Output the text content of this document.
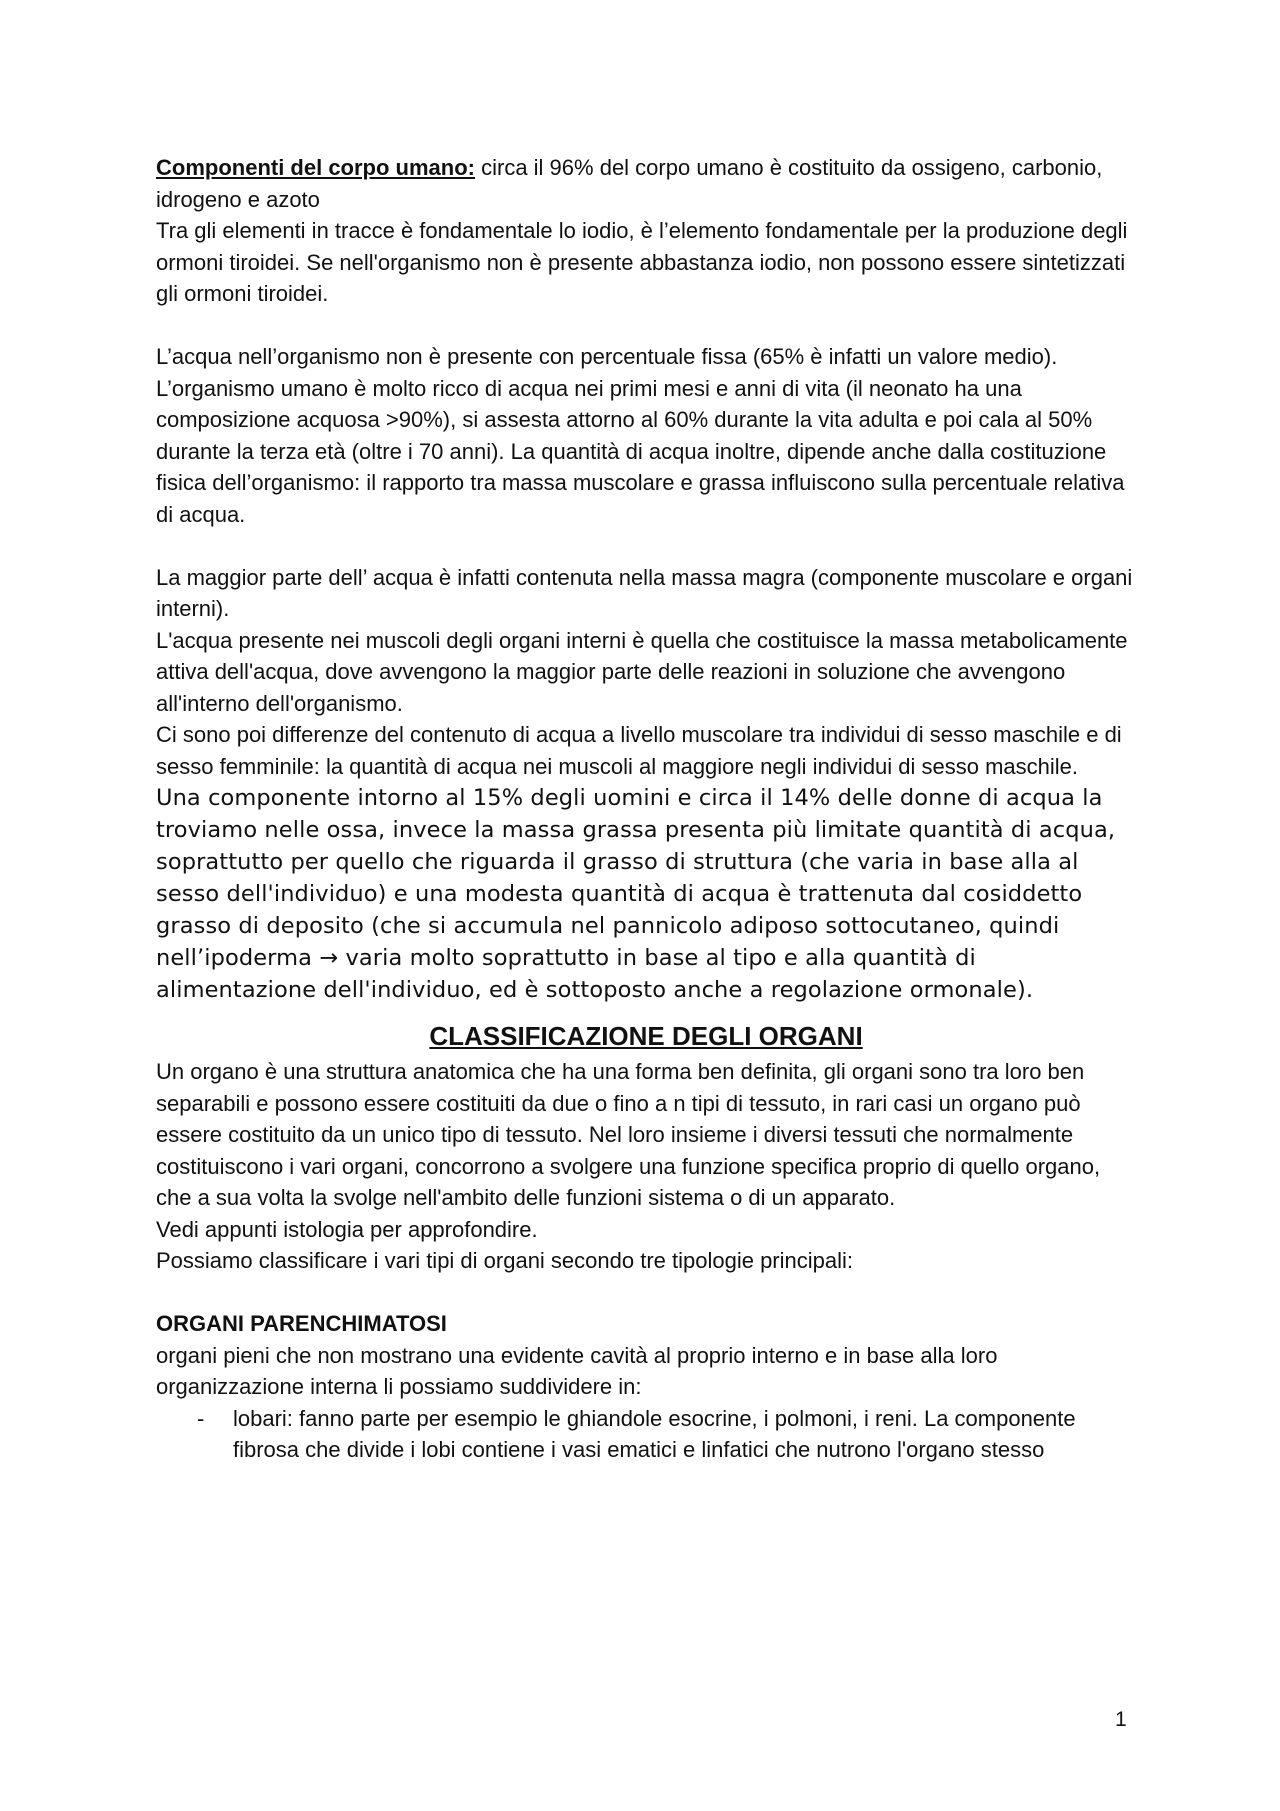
Componenti del corpo umano: circa il 96% del corpo umano è costituito da ossigeno, carbonio, idrogeno e azoto

Tra gli elementi in tracce è fondamentale lo iodio, è l’elemento fondamentale per la produzione degli ormoni tiroidei. Se nell'organismo non è presente abbastanza iodio, non possono essere sintetizzati gli ormoni tiroidei.

L’acqua nell’organismo non è presente con percentuale fissa (65% è infatti un valore medio). L’organismo umano è molto ricco di acqua nei primi mesi e anni di vita (il neonato ha una composizione acquosa >90%), si assesta attorno al 60% durante la vita adulta e poi cala al 50% durante la terza età (oltre i 70 anni). La quantità di acqua inoltre, dipende anche dalla costituzione fisica dell’organismo: il rapporto tra massa muscolare e grassa influiscono sulla percentuale relativa di acqua.

La maggior parte dell’ acqua è infatti contenuta nella massa magra (componente muscolare e organi interni).

L'acqua presente nei muscoli degli organi interni è quella che costituisce la massa metabolicamente attiva dell'acqua, dove avvengono la maggior parte delle reazioni in soluzione che avvengono all'interno dell'organismo.

Ci sono poi differenze del contenuto di acqua a livello muscolare tra individui di sesso maschile e di sesso femminile: la quantità di acqua nei muscoli al maggiore negli individui di sesso maschile.

Una componente intorno al 15% degli uomini e circa il 14% delle donne di acqua la troviamo nelle ossa, invece la massa grassa presenta più limitate quantità di acqua, soprattutto per quello che riguarda il grasso di struttura (che varia in base alla al sesso dell'individuo) e una modesta quantità di acqua è trattenuta dal cosiddetto grasso di deposito (che si accumula nel pannicolo adiposo sottocutaneo, quindi nell’ipoderma → varia molto soprattutto in base al tipo e alla quantità di alimentazione dell'individuo, ed è sottoposto anche a regolazione ormonale).

CLASSIFICAZIONE DEGLI ORGANI

Un organo è una struttura anatomica che ha una forma ben definita, gli organi sono tra loro ben separabili e possono essere costituiti da due o fino a n tipi di tessuto, in rari casi un organo può essere costituito da un unico tipo di tessuto. Nel loro insieme i diversi tessuti che normalmente costituiscono i vari organi, concorrono a svolgere una funzione specifica proprio di quello organo, che a sua volta la svolge nell'ambito delle funzioni sistema o di un apparato.

Vedi appunti istologia per approfondire.

Possiamo classificare i vari tipi di organi secondo tre tipologie principali:

ORGANI PARENCHIMATOSI

organi pieni che non mostrano una evidente cavità al proprio interno e in base alla loro organizzazione interna li possiamo suddividere in:

- lobari: fanno parte per esempio le ghiandole esocrine, i polmoni, i reni. La componente fibrosa che divide i lobi contiene i vasi ematici e linfatici che nutrono l'organo stesso
1
